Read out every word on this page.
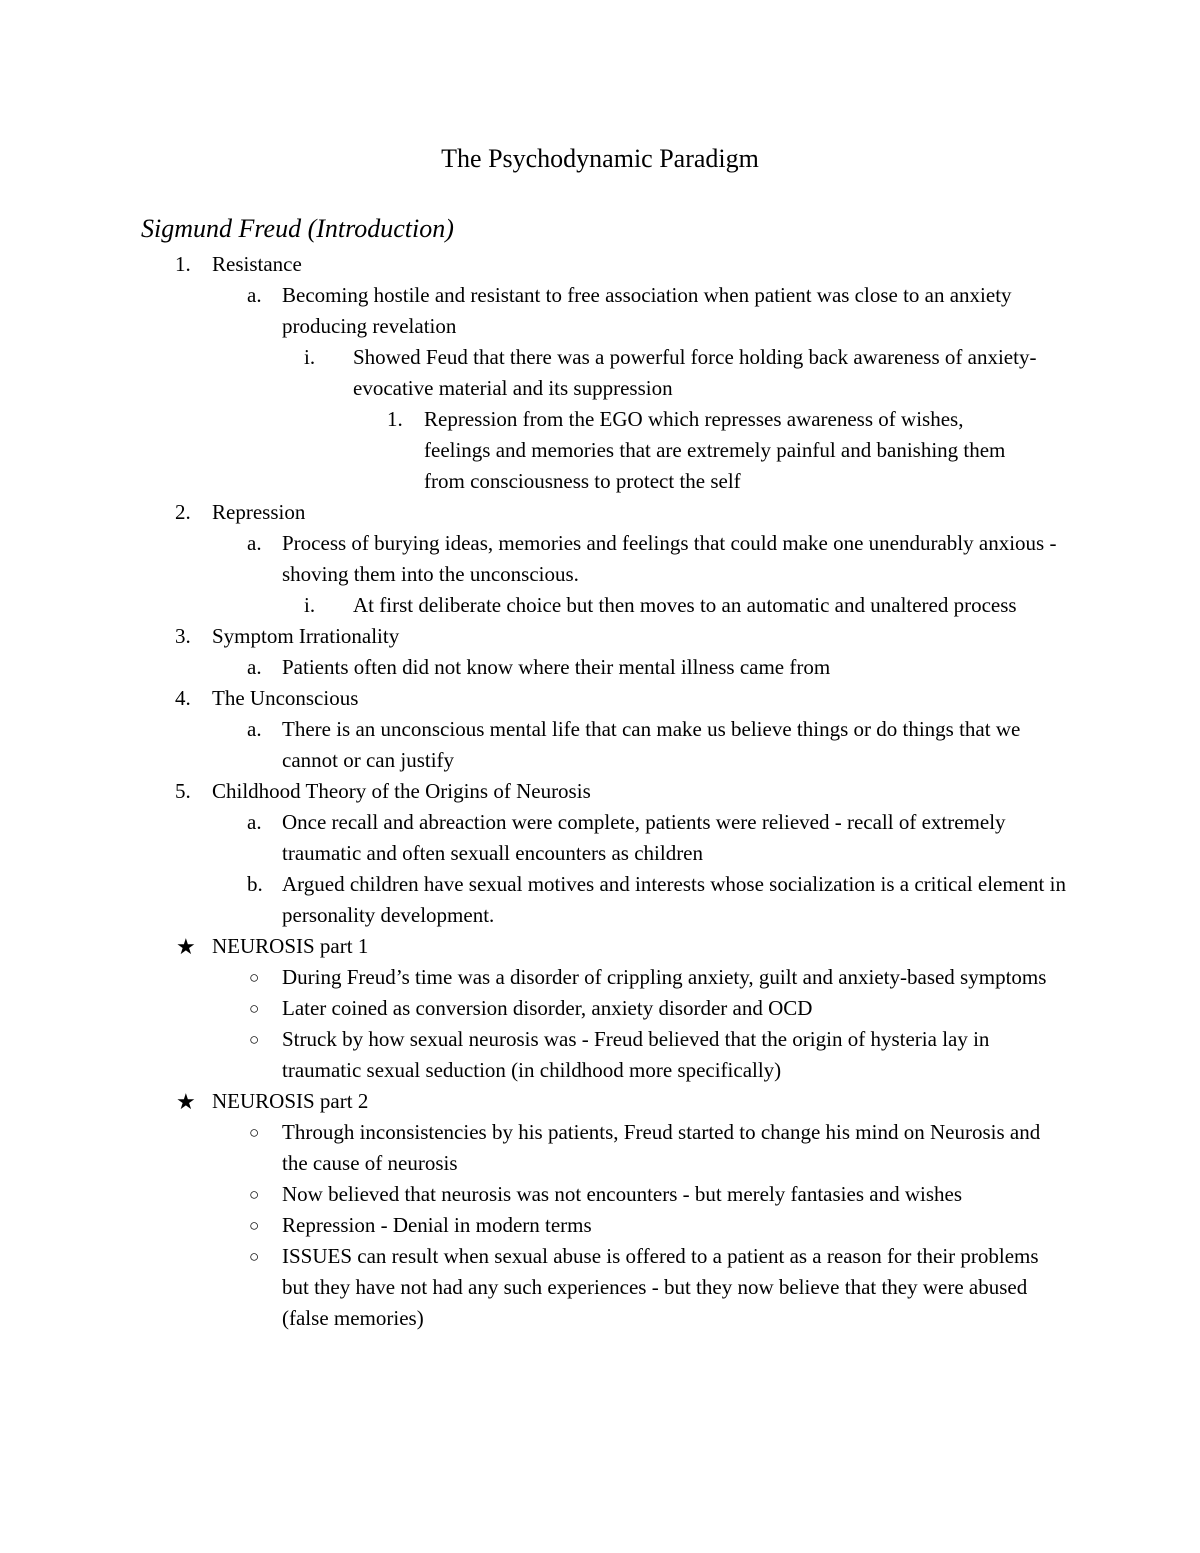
The Psychodynamic Paradigm
Sigmund Freud (Introduction)
1. Resistance
a. Becoming hostile and resistant to free association when patient was close to an anxiety producing revelation
i. Showed Feud that there was a powerful force holding back awareness of anxiety-evocative material and its suppression
1. Repression from the EGO which represses awareness of wishes, feelings and memories that are extremely painful and banishing them from consciousness to protect the self
2. Repression
a. Process of burying ideas, memories and feelings that could make one unendurably anxious - shoving them into the unconscious.
i. At first deliberate choice but then moves to an automatic and unaltered process
3. Symptom Irrationality
a. Patients often did not know where their mental illness came from
4. The Unconscious
a. There is an unconscious mental life that can make us believe things or do things that we cannot or can justify
5. Childhood Theory of the Origins of Neurosis
a. Once recall and abreaction were complete, patients were relieved - recall of extremely traumatic and often sexuall encounters as children
b. Argued children have sexual motives and interests whose socialization is a critical element in personality development.
★ NEUROSIS part 1
○ During Freud’s time was a disorder of crippling anxiety, guilt and anxiety-based symptoms
○ Later coined as conversion disorder, anxiety disorder and OCD
○ Struck by how sexual neurosis was - Freud believed that the origin of hysteria lay in traumatic sexual seduction (in childhood more specifically)
★ NEUROSIS part 2
○ Through inconsistencies by his patients, Freud started to change his mind on Neurosis and the cause of neurosis
○ Now believed that neurosis was not encounters - but merely fantasies and wishes
○ Repression - Denial in modern terms
○ ISSUES can result when sexual abuse is offered to a patient as a reason for their problems but they have not had any such experiences - but they now believe that they were abused (false memories)
